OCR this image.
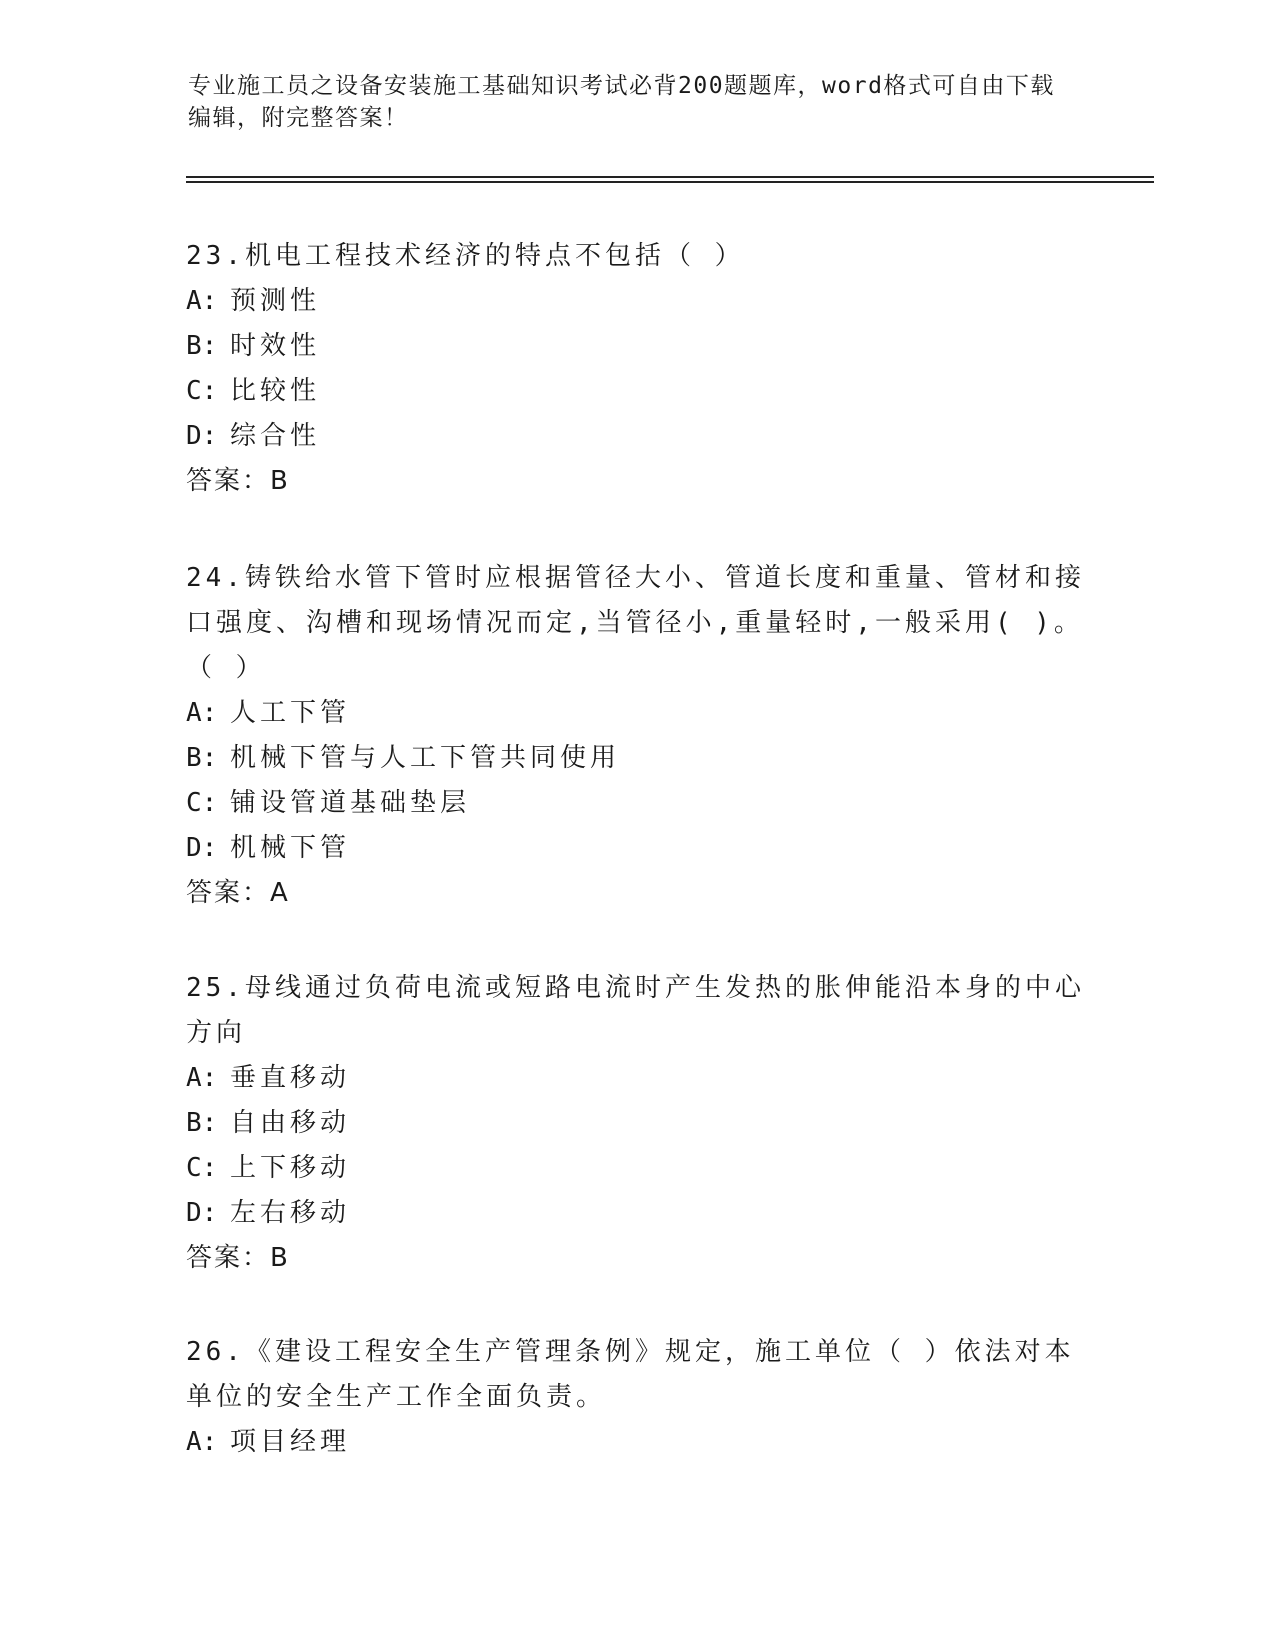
专业施工员之设备安装施工基础知识考试必背200题题库，word格式可自由下载编辑，附完整答案！

23.机电工程技术经济的特点不包括（ ）

A: 预测性

B: 时效性

C: 比较性

D: 综合性

答案：B

24.铸铁给水管下管时应根据管径大小、管道长度和重量、管材和接口强度、沟槽和现场情况而定,当管径小,重量轻时,一般采用( )。（ ）

A: 人工下管

B: 机械下管与人工下管共同使用

C: 铺设管道基础垫层

D: 机械下管

答案：A

25.母线通过负荷电流或短路电流时产生发热的胀伸能沿本身的中心方向

A: 垂直移动

B: 自由移动

C: 上下移动

D: 左右移动

答案：B

26.《建设工程安全生产管理条例》规定，施工单位（ ）依法对本单位的安全生产工作全面负责。

A: 项目经理
